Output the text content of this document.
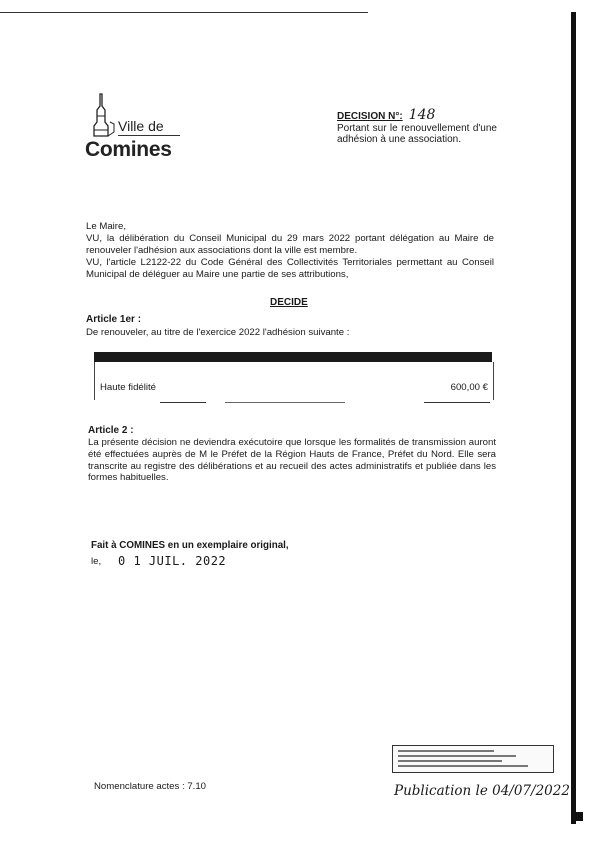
Ville de
Comines
DECISION N°: 148
Portant sur le renouvellement d'une adhésion à une association.
Le Maire,
VU, la délibération du Conseil Municipal du 29 mars 2022 portant délégation au Maire de renouveler l'adhésion aux associations dont la ville est membre.
VU, l'article L2122-22 du Code Général des Collectivités Territoriales permettant au Conseil Municipal de déléguer au Maire une partie de ses attributions,
DECIDE
Article 1er :
De renouveler, au titre de l'exercice 2022 l'adhésion suivante :
Haute fidélité	600,00 €
Article 2 :
La présente décision ne deviendra exécutoire que lorsque les formalités de transmission auront été effectuées auprès de M le Préfet de la Région Hauts de France, Préfet du Nord. Elle sera transcrite au registre des délibérations et au recueil des actes administratifs et publiée dans les formes habituelles.
Fait à COMINES en un exemplaire original,
le, 0 1 JUIL. 2022
Nomenclature actes : 7.10	Publication le 04/07/2022
